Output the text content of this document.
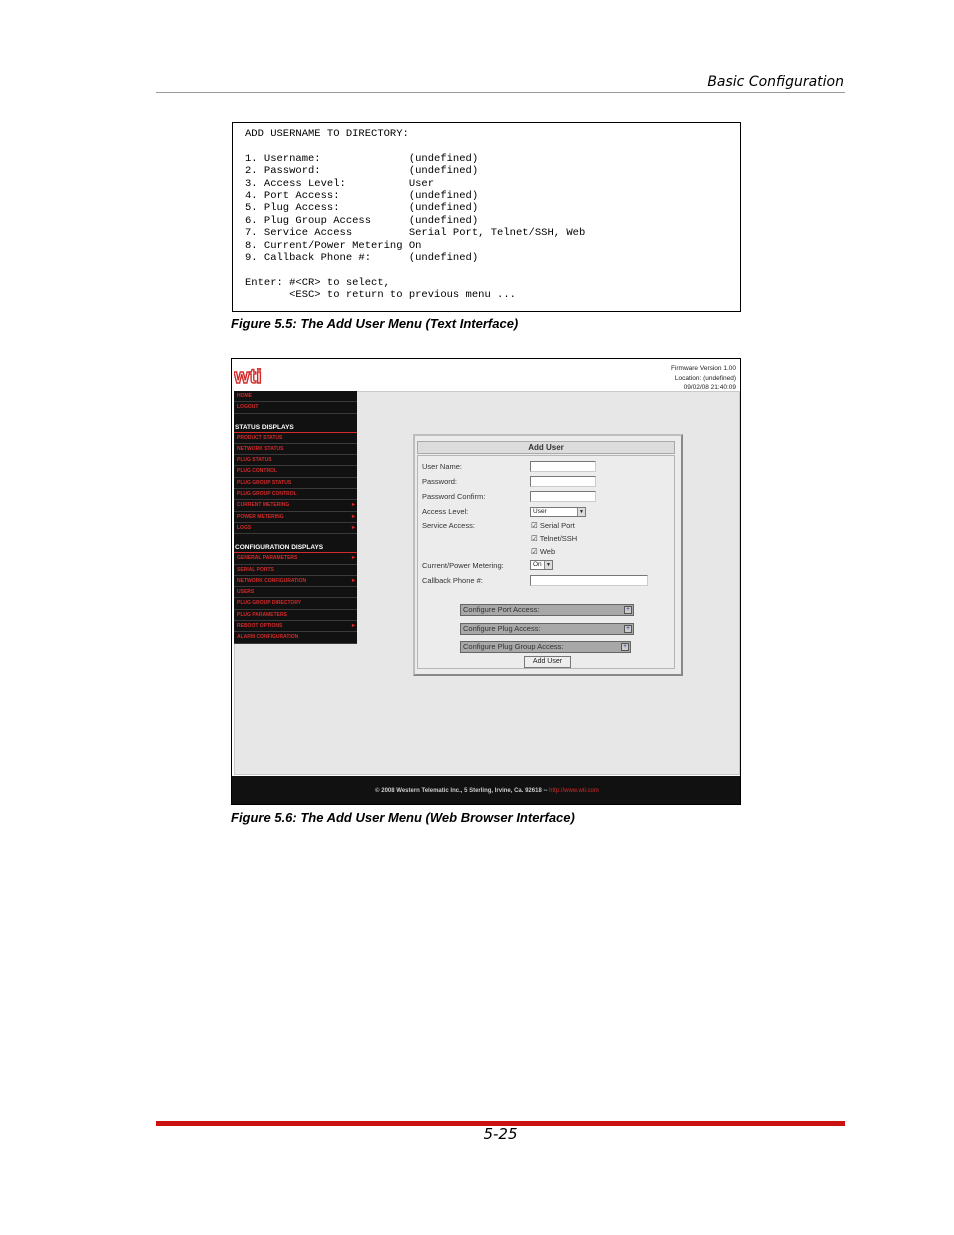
Basic Configuration
ADD USERNAME TO DIRECTORY:
1. Username:              (undefined)
2. Password:              (undefined)
3. Access Level:          User
4. Port Access:           (undefined)
5. Plug Access:           (undefined)
6. Plug Group Access      (undefined)
7. Service Access         Serial Port, Telnet/SSH, Web
8. Current/Power Metering On
9. Callback Phone #:      (undefined)
Enter: #<CR> to select,
<ESC> to return to previous menu ...
Figure 5.5: The Add User Menu (Text Interface)
wti	Firmware Version 1.00
Location: (undefined)
09/02/08 21:40:09
HOME
LOGOUT
STATUS DISPLAYS
PRODUCT STATUS
NETWORK STATUS
PLUG STATUS
PLUG CONTROL
PLUG GROUP STATUS
PLUG GROUP CONTROL
CURRENT METERING	▸
POWER METERING	▸
LOGS	▸
CONFIGURATION DISPLAYS
GENERAL PARAMETERS	▸
SERIAL PORTS
NETWORK CONFIGURATION	▸
USERS
PLUG GROUP DIRECTORY
PLUG PARAMETERS
REBOOT OPTIONS	▸
ALARM CONFIGURATION
Add User
User Name:
Password:
Password Confirm:
Access Level:	User	▼
Service Access:	☑ Serial Port
☑ Telnet/SSH
☑ Web
Current/Power Metering:	On ▼
Callback Phone #:
Configure Port Access:	+
Configure Plug Access:	+
Configure Plug Group Access:	+
Add User
© 2008 Western Telematic Inc., 5 Sterling, Irvine, Ca. 92618 -- http://www.wti.com
Figure 5.6: The Add User Menu (Web Browser Interface)
5-25
